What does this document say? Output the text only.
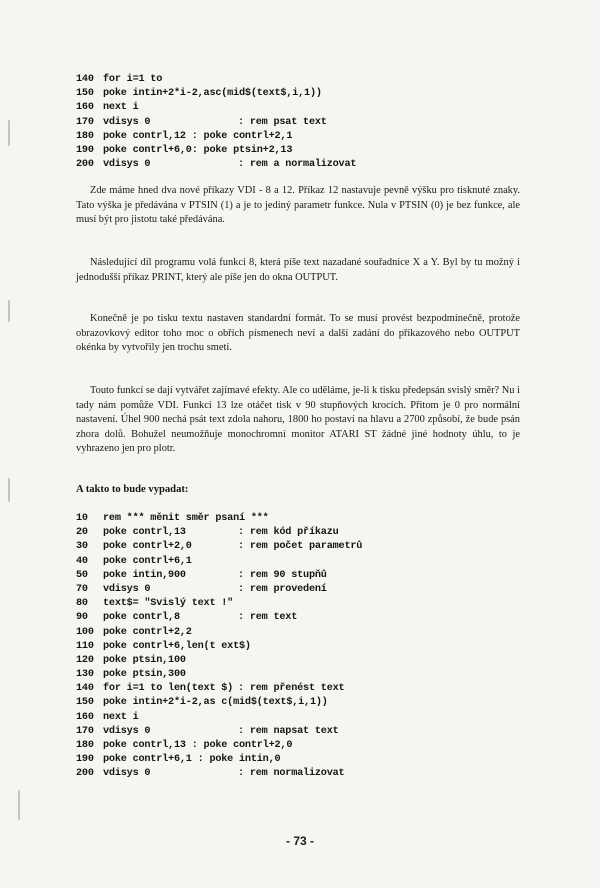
140 for i=1 to
150 poke intin+2*i-2,asc(mid$(text$,i,1))
160 next i
170 vdisys 0	: rem psat text
180 poke contrl,12 : poke contrl+2,1
190 poke contrl+6,0: poke ptsin+2,13
200 vdisys 0	: rem a normalizovat

Zde máme hned dva nové příkazy VDI - 8 a 12. Příkaz 12 nastavuje pevně výšku pro tisknuté znaky. Tato výška je předávána v PTSIN (1) a je to jediný parametr funkce. Nula v PTSIN (0) je bez funkce, ale musí být pro jistotu také předávána.

Následující díl programu volá funkci 8, která píše text nazadané souřadnice X a Y. Byl by tu možný i jednodušší příkaz PRINT, který ale píše jen do okna OUTPUT.

Konečně je po tisku textu nastaven standardní formát. To se musí provést bezpodmínečně, protože obrazovkový editor toho moc o obřích písmenech neví a další zadání do příkazového nebo OUTPUT okénka by vytvořily jen trochu smetí.

Touto funkcí se dají vytvářet zajímavé efekty. Ale co uděláme, je-li k tisku předepsán svislý směr? Nu i tady nám pomůže VDI. Funkci 13 lze otáčet tisk v 90 stupňových krocích. Přitom je 0 pro normální nastavení. Úhel 900 nechá psát text zdola nahoru, 1800 ho postaví na hlavu a 2700 způsobí, že bude psán zhora dolů. Bohužel neumožňuje monochromní monitor ATARI ST žádné jiné hodnoty úhlu, to je vyhrazeno jen pro plotr.

A takto to bude vypadat:
10 rem *** měnit směr psaní ***
20 poke contrl,13	: rem kód příkazu
30 poke contrl+2,0	: rem počet parametrů
40 poke contrl+6,1
50 poke intin,900	: rem 90 stupňů
70 vdisys 0	: rem provedení
80 text$= "Svislý text !"
90 poke contrl,8	: rem text
100 poke contrl+2,2
110 poke contrl+6,len(t ext$)
120 poke ptsin,100
130 poke ptsin,300
140 for i=1 to len(text $) : rem přenést text
150 poke intin+2*i-2,as c(mid$(text$,i,1))
160 next i
170 vdisys 0	: rem napsat text
180 poke contrl,13 : poke contrl+2,0
190 poke contrl+6,1 : poke intin,0
200 vdisys 0	: rem normalizovat
- 73 -
